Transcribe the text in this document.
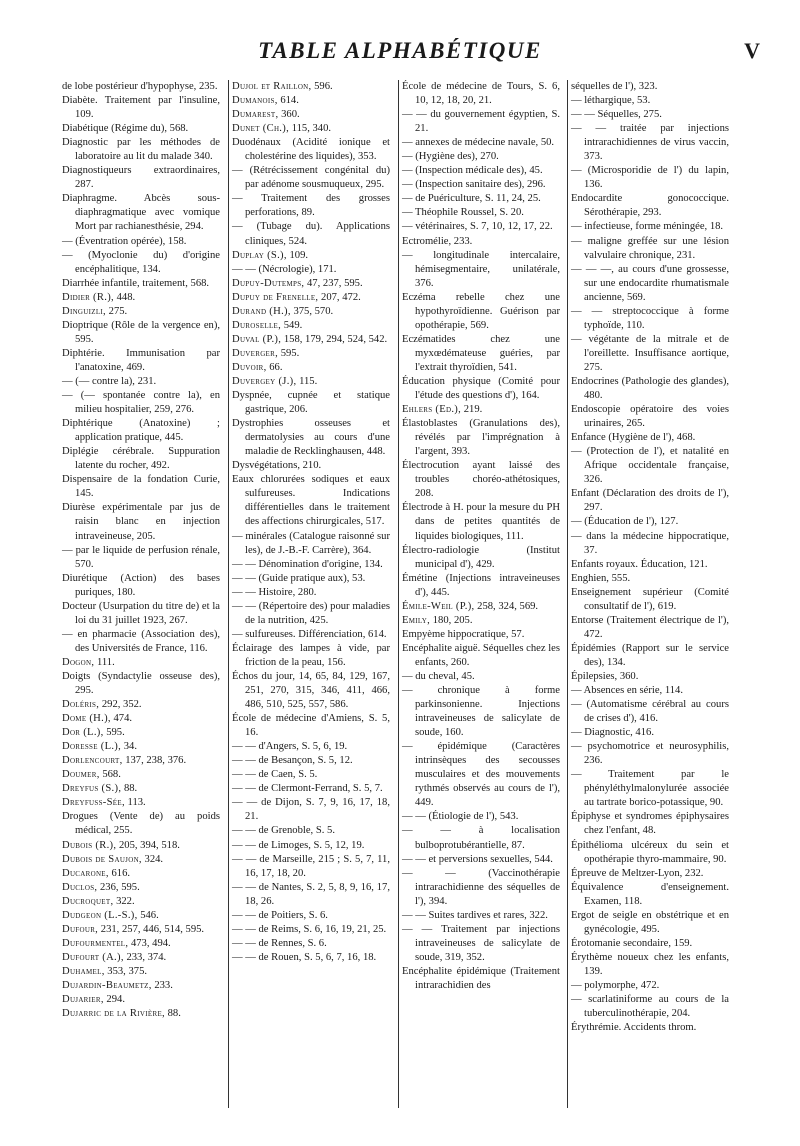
TABLE ALPHABÉTIQUE	V

de lobe postérieur d'hypophyse, 235.

Diabète. Traitement par l'insuline, 109.

Diabétique (Régime du), 568.

Diagnostic par les méthodes de laboratoire au lit du malade 340.

Diagnostiqueurs extraordinaires, 287.

Diaphragme. Abcès sous-diaphragmatique avec vomique Mort par rachianesthésie, 294.

— (Éventration opérée), 158.

— (Myoclonie du) d'origine encéphalitique, 134.

Diarrhée infantile, traitement, 568.

Didier (R.), 448.

Dinguizli, 275.

Dioptrique (Rôle de la vergence en), 595.

Diphtérie. Immunisation par l'anatoxine, 469.

— (— contre la), 231.

— (— spontanée contre la), en milieu hospitalier, 259, 276.

Diphtérique (Anatoxine) ; application pratique, 445.

Diplégie cérébrale. Suppuration latente du rocher, 492.

Dispensaire de la fondation Curie, 145.

Diurèse expérimentale par jus de raisin blanc en injection intraveineuse, 205.

— par le liquide de perfusion rénale, 570.

Diurétique (Action) des bases puriques, 180.

Docteur (Usurpation du titre de) et la loi du 31 juillet 1923, 267.

— en pharmacie (Association des), des Universités de France, 116.

Dogon, 111.

Doigts (Syndactylie osseuse des), 295.

Doléris, 292, 352.

Dome (H.), 474.

Dor (L.), 595.

Doresse (L.), 34.

Dorlencourt, 137, 238, 376.

Doumer, 568.

Dreyfus (S.), 88.

Dreyfuss-Sée, 113.

Drogues (Vente de) au poids médical, 255.

Dubois (R.), 205, 394, 518.

Dubois de Saujon, 324.

Ducarone, 616.

Duclos, 236, 595.

Ducroquet, 322.

Dudgeon (L.-S.), 546.

Dufour, 231, 257, 446, 514, 595.

Dufourmentel, 473, 494.

Dufourt (A.), 233, 374.

Duhamel, 353, 375.

Dujardin-Beaumetz, 233.

Dujarier, 294.

Dujarric de la Rivière, 88.

Dujol et Raillon, 596.

Dumanois, 614.

Dumarest, 360.

Dunet (Ch.), 115, 340.

Duodénaux (Acidité ionique et cholestérine des liquides), 353.

— (Rétrécissement congénital du) par adénome sousmuqueux, 295.

— Traitement des grosses perforations, 89.

— (Tubage du). Applications cliniques, 524.

Duplay (S.), 109.

— — (Nécrologie), 171.

Dupuy-Dutemps, 47, 237, 595.

Dupuy de Frenelle, 207, 472.

Durand (H.), 375, 570.

Duroselle, 549.

Duval (P.), 158, 179, 294, 524, 542.

Duverger, 595.

Duvoir, 66.

Duvergey (J.), 115.

Dyspnée, cupnée et statique gastrique, 206.

Dystrophies osseuses et dermatolysies au cours d'une maladie de Recklinghausen, 448.

Dysvégétations, 210.

Eaux chlorurées sodiques et eaux sulfureuses. Indications différentielles dans le traitement des affections chirurgicales, 517.

— minérales (Catalogue raisonné sur les), de J.-B.-F. Carrère), 364.

— — Dénomination d'origine, 134.

— — (Guide pratique aux), 53.

— — Histoire, 280.

— — (Répertoire des) pour maladies de la nutrition, 425.

— sulfureuses. Différenciation, 614.

Éclairage des lampes à vide, par friction de la peau, 156.

Échos du jour, 14, 65, 84, 129, 167, 251, 270, 315, 346, 411, 466, 486, 510, 525, 557, 586.

École de médecine d'Amiens, S. 5, 16.

— — d'Angers, S. 5, 6, 19.

— — de Besançon, S. 5, 12.

— — de Caen, S. 5.

— — de Clermont-Ferrand, S. 5, 7.

— — de Dijon, S. 7, 9, 16, 17, 18, 21.

— — de Grenoble, S. 5.

— — de Limoges, S. 5, 12, 19.

— — de Marseille, 215 ; S. 5, 7, 11, 16, 17, 18, 20.

— — de Nantes, S. 2, 5, 8, 9, 16, 17, 18, 26.

— — de Poitiers, S. 6.

— — de Reims, S. 6, 16, 19, 21, 25.

— — de Rennes, S. 6.

— — de Rouen, S. 5, 6, 7, 16, 18.

École de médecine de Tours, S. 6, 10, 12, 18, 20, 21.

— — du gouvernement égyptien, S. 21.

— annexes de médecine navale, 50.

— (Hygiène des), 270.

— (Inspection médicale des), 45.

— (Inspection sanitaire des), 296.

— de Puériculture, S. 11, 24, 25.

— Théophile Roussel, S. 20.

— vétérinaires, S. 7, 10, 12, 17, 22.

Ectromélie, 233.

— longitudinale intercalaire, hémisegmentaire, unilatérale, 376.

Eczéma rebelle chez une hypothyroïdienne. Guérison par opothérapie, 569.

Eczématides chez une myxœdémateuse guéries, par l'extrait thyroïdien, 541.

Éducation physique (Comité pour l'étude des questions d'), 164.

Ehlers (Ed.), 219.

Élastoblastes (Granulations des), révélés par l'imprégnation à l'argent, 393.

Électrocution ayant laissé des troubles choréo-athétosiques, 208.

Électrode à H. pour la mesure du PH dans de petites quantités de liquides biologiques, 111.

Électro-radiologie (Institut municipal d'), 429.

Émétine (Injections intraveineuses d'), 445.

Émile-Weil (P.), 258, 324, 569.

Emily, 180, 205.

Empyème hippocratique, 57.

Encéphalite aiguë. Séquelles chez les enfants, 260.

— du cheval, 45.

— chronique à forme parkinsonienne. Injections intraveineuses de salicylate de soude, 160.

— épidémique (Caractères intrinsèques des secousses musculaires et des mouvements rythmés observés au cours de l'), 449.

— — (Étiologie de l'), 543.

— — à localisation bulboprotubérantielle, 87.

— — et perversions sexuelles, 544.

— — (Vaccinothérapie intrarachidienne des séquelles de l'), 394.

— — Suites tardives et rares, 322.

— — Traitement par injections intraveineuses de salicylate de soude, 319, 352.

Encéphalite épidémique (Traitement intrarachidien des

séquelles de l'), 323.

— léthargique, 53.

— — Séquelles, 275.

— — traitée par injections intrarachidiennes de virus vaccin, 373.

— (Microsporidie de l') du lapin, 136.

Endocardite gonococcique. Sérothérapie, 293.

— infectieuse, forme méningée, 18.

— maligne greffée sur une lésion valvulaire chronique, 231.

— — —, au cours d'une grossesse, sur une endocardite rhumatismale ancienne, 569.

— — streptococcique à forme typhoïde, 110.

— végétante de la mitrale et de l'oreillette. Insuffisance aortique, 275.

Endocrines (Pathologie des glandes), 480.

Endoscopie opératoire des voies urinaires, 265.

Enfance (Hygiène de l'), 468.

— (Protection de l'), et natalité en Afrique occidentale française, 326.

Enfant (Déclaration des droits de l'), 297.

— (Éducation de l'), 127.

— dans la médecine hippocratique, 37.

Enfants royaux. Éducation, 121.

Enghien, 555.

Enseignement supérieur (Comité consultatif de l'), 619.

Entorse (Traitement électrique de l'), 472.

Épidémies (Rapport sur le service des), 134.

Épilepsies, 360.

— Absences en série, 114.

— (Automatisme cérébral au cours de crises d'), 416.

— Diagnostic, 416.

— psychomotrice et neurosyphilis, 236.

— Traitement par le phényléthylmalonylurée associée au tartrate borico-potassique, 90.

Épiphyse et syndromes épiphysaires chez l'enfant, 48.

Épithélioma ulcéreux du sein et opothérapie thyro-mammaire, 90.

Épreuve de Meltzer-Lyon, 232.

Équivalence d'enseignement. Examen, 118.

Ergot de seigle en obstétrique et en gynécologie, 495.

Érotomanie secondaire, 159.

Érythème noueux chez les enfants, 139.

— polymorphe, 472.

— scarlatiniforme au cours de la tuberculinothérapie, 204.

Érythrémie. Accidents throm.
